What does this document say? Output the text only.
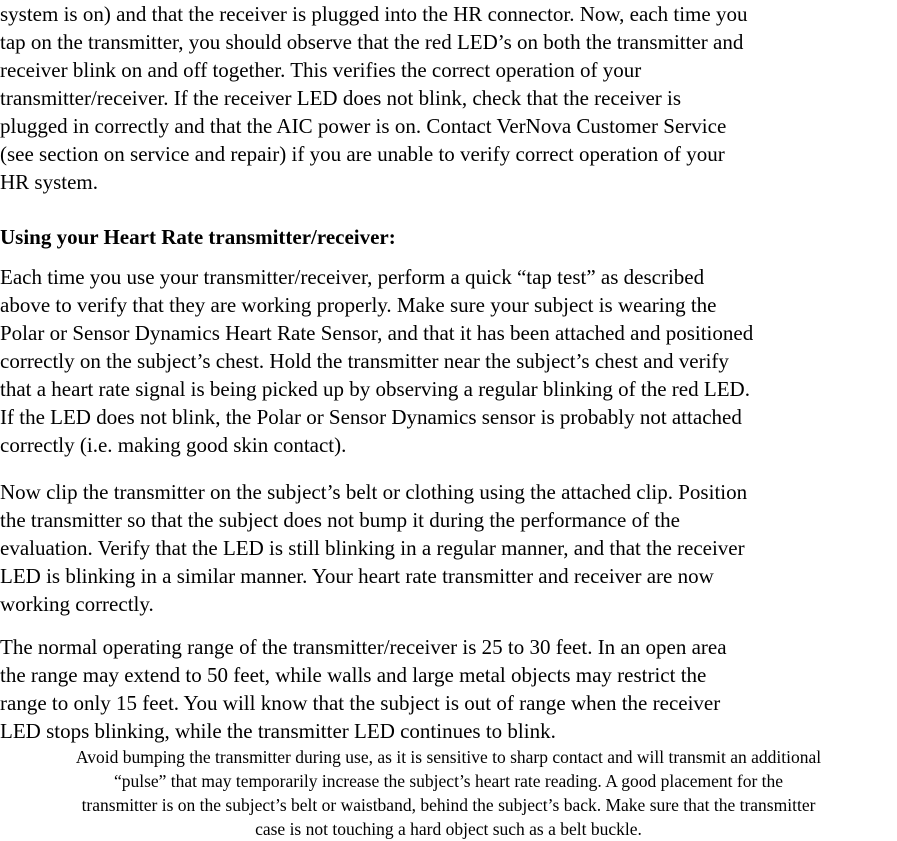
system is on) and that the receiver is plugged into the HR connector. Now, each time you
tap on the transmitter, you should observe that the red LED’s on both the transmitter and
receiver blink on and off together. This verifies the correct operation of your
transmitter/receiver. If the receiver LED does not blink, check that the receiver is
plugged in correctly and that the AIC power is on. Contact VerNova Customer Service
(see section on service and repair) if you are unable to verify correct operation of your
HR system.

Using your Heart Rate transmitter/receiver:

Each time you use your transmitter/receiver, perform a quick “tap test” as described
above to verify that they are working properly. Make sure your subject is wearing the
Polar or Sensor Dynamics Heart Rate Sensor, and that it has been attached and positioned
correctly on the subject’s chest. Hold the transmitter near the subject’s chest and verify
that a heart rate signal is being picked up by observing a regular blinking of the red LED.
If the LED does not blink, the Polar or Sensor Dynamics sensor is probably not attached
correctly (i.e. making good skin contact).

Now clip the transmitter on the subject’s belt or clothing using the attached clip. Position
the transmitter so that the subject does not bump it during the performance of the
evaluation. Verify that the LED is still blinking in a regular manner, and that the receiver
LED is blinking in a similar manner. Your heart rate transmitter and receiver are now
working correctly.

The normal operating range of the transmitter/receiver is 25 to 30 feet. In an open area
the range may extend to 50 feet, while walls and large metal objects may restrict the
range to only 15 feet. You will know that the subject is out of range when the receiver
LED stops blinking, while the transmitter LED continues to blink.

Avoid bumping the transmitter during use, as it is sensitive to sharp contact and will transmit an additional
“pulse” that may temporarily increase the subject’s heart rate reading. A good placement for the
transmitter is on the subject’s belt or waistband, behind the subject’s back. Make sure that the transmitter
case is not touching a hard object such as a belt buckle.
